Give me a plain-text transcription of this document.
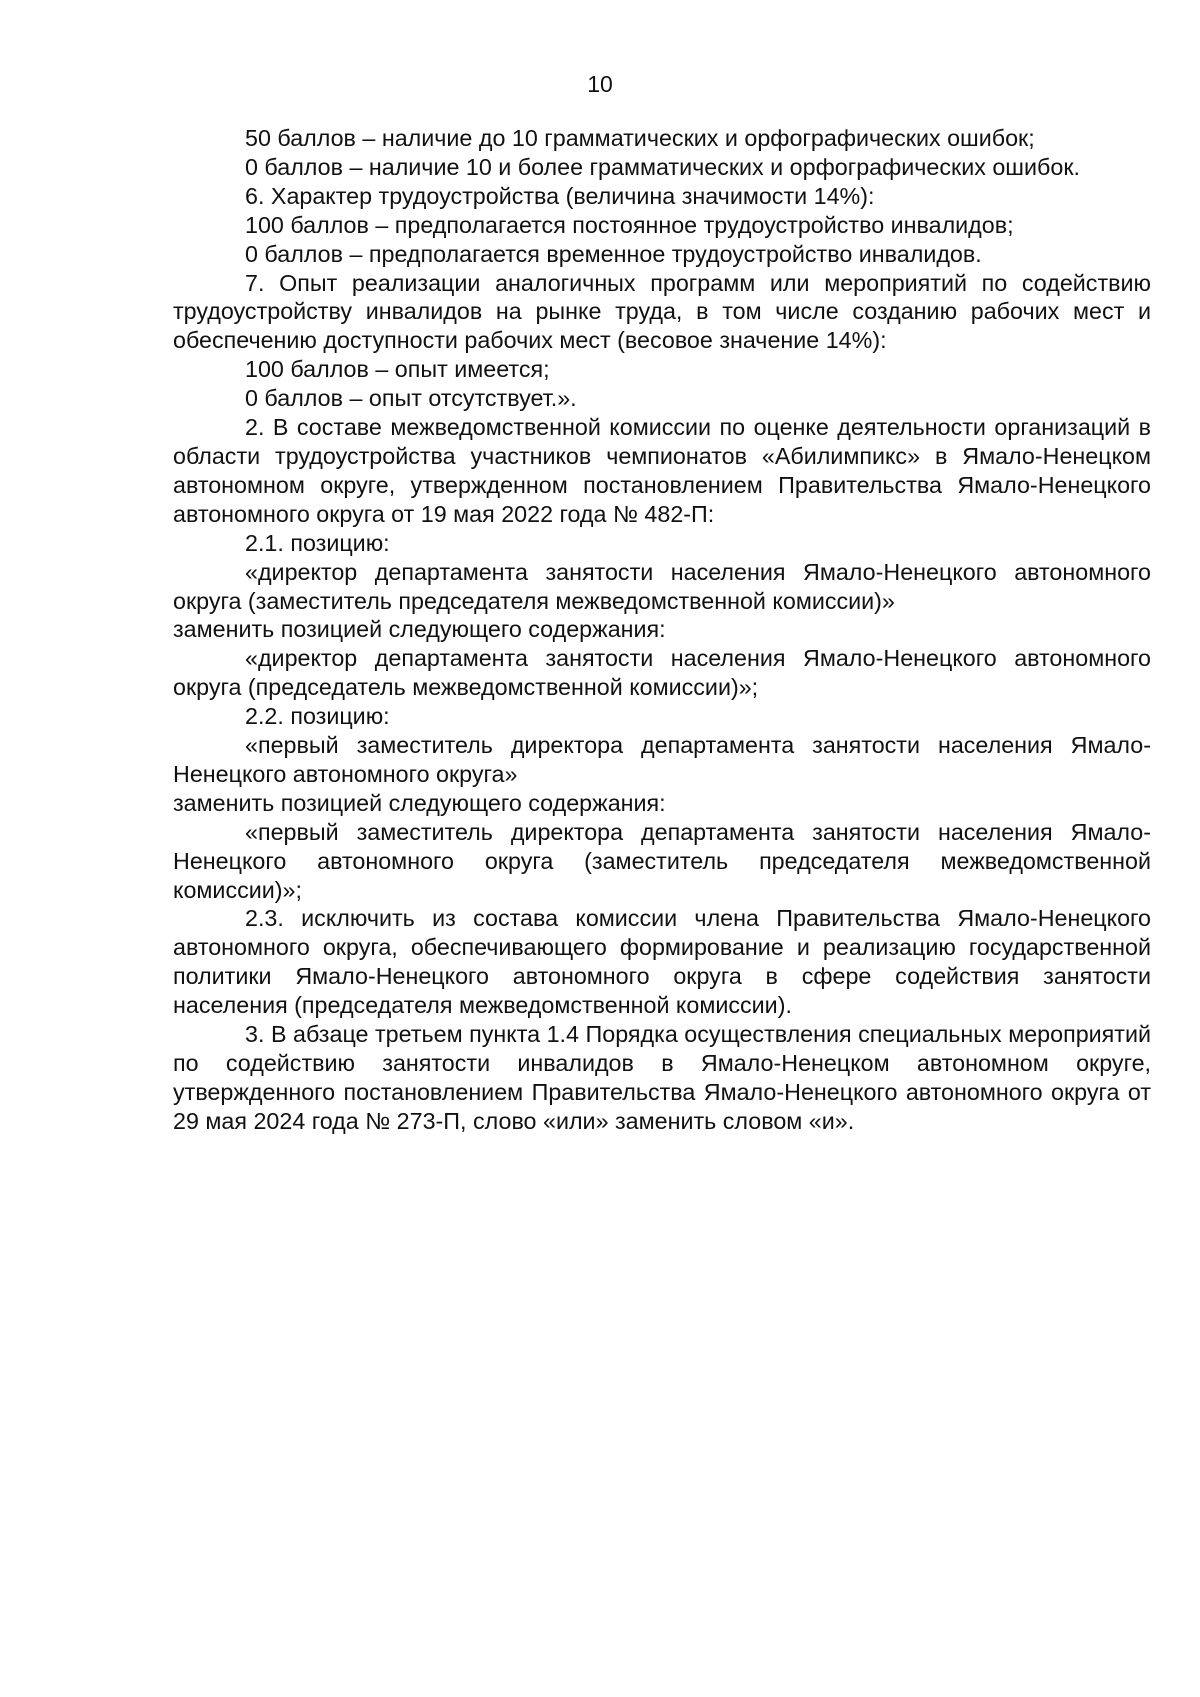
10

50 баллов – наличие до 10 грамматических и орфографических ошибок;

0 баллов – наличие 10 и более грамматических и орфографических ошибок.

6. Характер трудоустройства (величина значимости 14%):

100 баллов – предполагается постоянное трудоустройство инвалидов;

0 баллов – предполагается временное трудоустройство инвалидов.

7. Опыт реализации аналогичных программ или мероприятий по содействию трудоустройству инвалидов на рынке труда, в том числе созданию рабочих мест и обеспечению доступности рабочих мест (весовое значение 14%):

100 баллов – опыт имеется;

0 баллов – опыт отсутствует.».

2. В составе межведомственной комиссии по оценке деятельности организаций в области трудоустройства участников чемпионатов «Абилимпикс» в Ямало-Ненецком автономном округе, утвержденном постановлением Правительства Ямало-Ненецкого автономного округа от 19 мая 2022 года № 482-П:

2.1. позицию:

«директор департамента занятости населения Ямало-Ненецкого автономного округа (заместитель председателя межведомственной комиссии)»

заменить позицией следующего содержания:

«директор департамента занятости населения Ямало-Ненецкого автономного округа (председатель межведомственной комиссии)»;

2.2. позицию:

«первый заместитель директора департамента занятости населения Ямало-Ненецкого автономного округа»

заменить позицией следующего содержания:

«первый заместитель директора департамента занятости населения Ямало-Ненецкого автономного округа (заместитель председателя межведомственной комиссии)»;

2.3. исключить из состава комиссии члена Правительства Ямало-Ненецкого автономного округа, обеспечивающего формирование и реализацию государственной политики Ямало-Ненецкого автономного округа в сфере содействия занятости населения (председателя межведомственной комиссии).

3. В абзаце третьем пункта 1.4 Порядка осуществления специальных мероприятий по содействию занятости инвалидов в Ямало-Ненецком автономном округе, утвержденного постановлением Правительства Ямало-Ненецкого автономного округа от 29 мая 2024 года № 273-П, слово «или» заменить словом «и».
